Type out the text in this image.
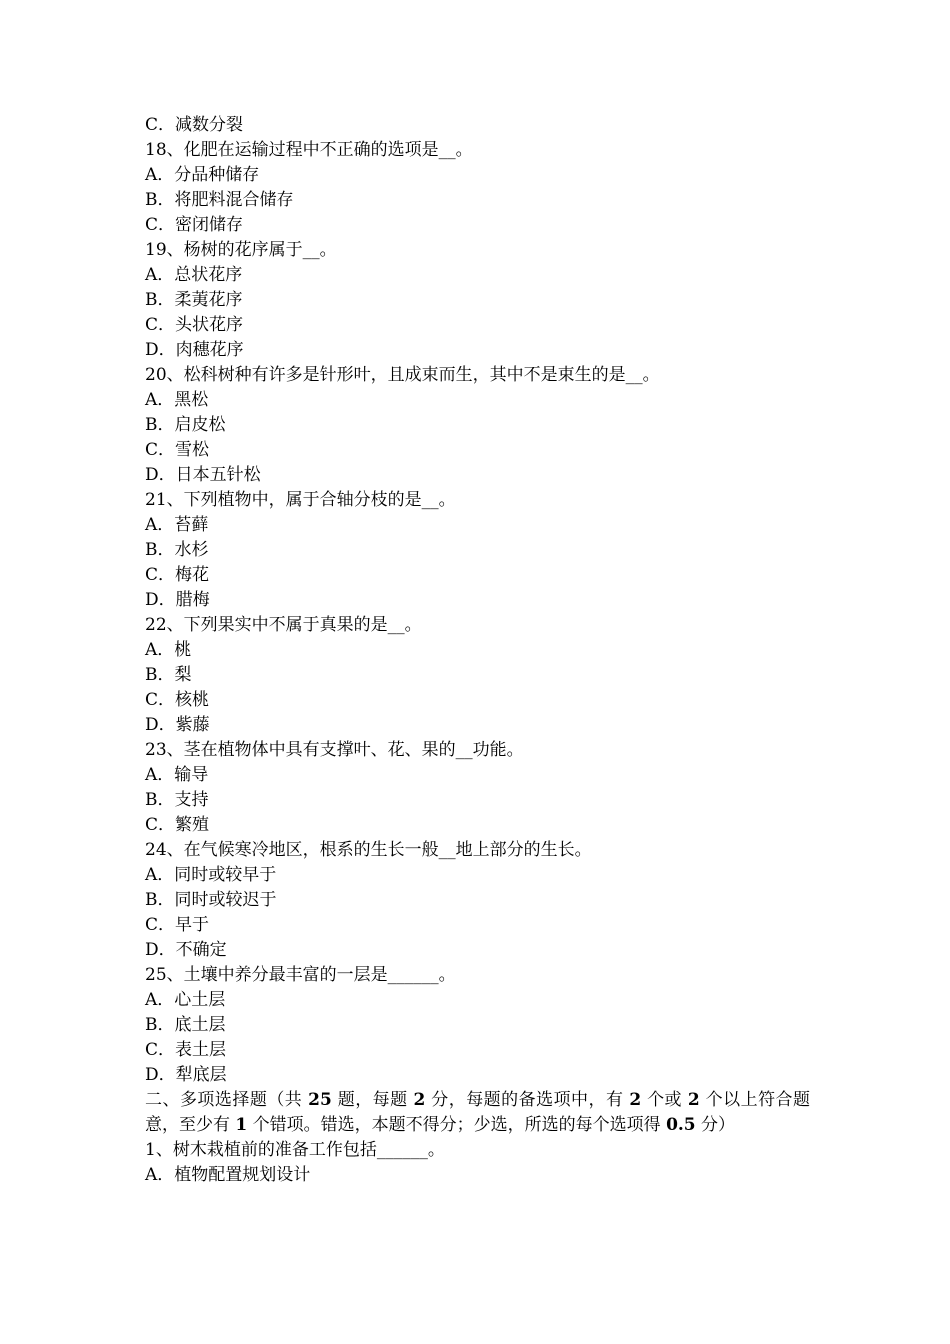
C．减数分裂
18、化肥在运输过程中不正确的选项是__。
A．分品种储存
B．将肥料混合储存
C．密闭储存
19、杨树的花序属于__。
A．总状花序
B．柔荑花序
C．头状花序
D．肉穗花序
20、松科树种有许多是针形叶，且成束而生，其中不是束生的是__。
A．黑松
B．启皮松
C．雪松
D．日本五针松
21、下列植物中，属于合轴分枝的是__。
A．苔藓
B．水杉
C．梅花
D．腊梅
22、下列果实中不属于真果的是__。
A．桃
B．梨
C．核桃
D．紫藤
23、茎在植物体中具有支撑叶、花、果的__功能。
A．输导
B．支持
C．繁殖
24、在气候寒冷地区，根系的生长一般__地上部分的生长。
A．同时或较早于
B．同时或较迟于
C．早于
D．不确定
25、土壤中养分最丰富的一层是______。
A．心土层
B．底土层
C．表土层
D．犁底层
二、多项选择题（共 25 题，每题 2 分，每题的备选项中，有 2 个或 2 个以上符合题意，至少有 1 个错项。错选，本题不得分；少选，所选的每个选项得 0.5 分）
1、树木栽植前的准备工作包括______。
A．植物配置规划设计
